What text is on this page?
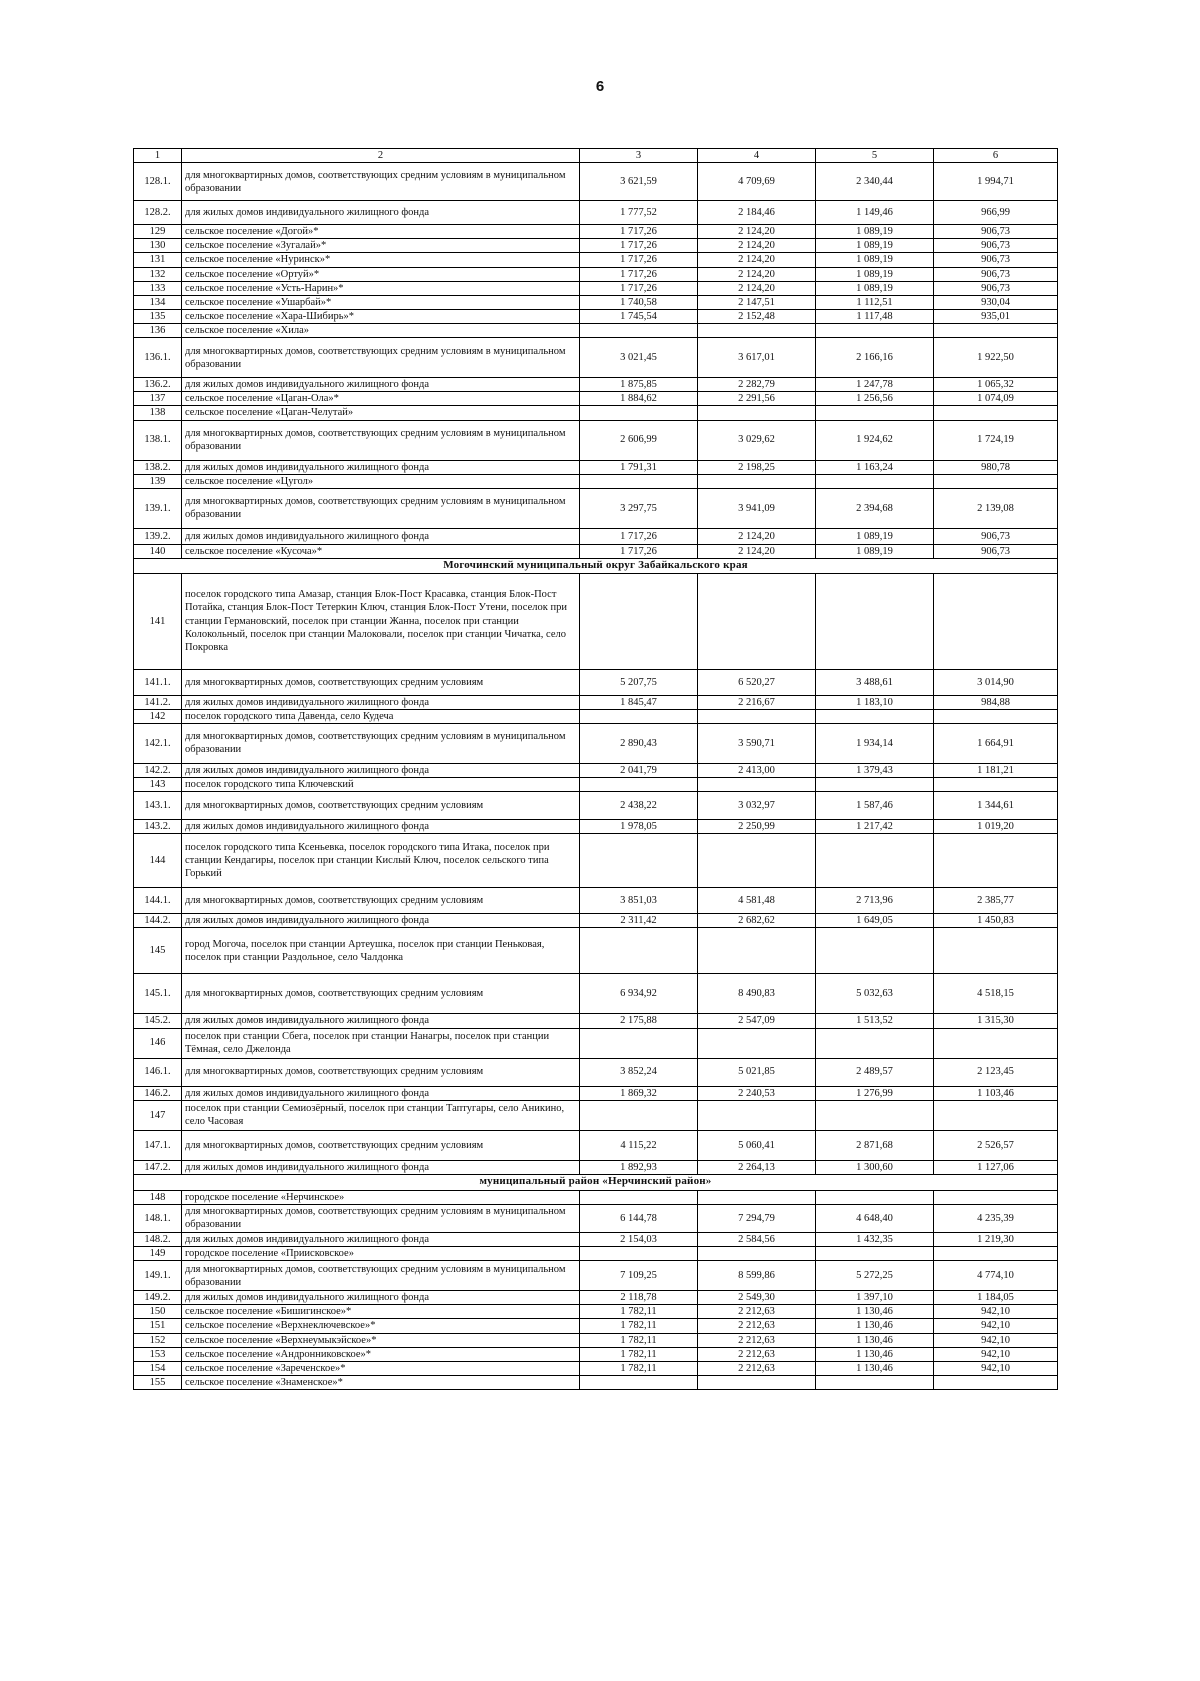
6
1	2	3	4	5	6
128.1.	для многоквартирных домов, соответствующих средним условиям в муниципальном образовании	3 621,59	4 709,69	2 340,44	1 994,71
128.2.	для жилых домов индивидуального жилищного фонда	1 777,52	2 184,46	1 149,46	966,99
129	сельское поселение «Догой»*	1 717,26	2 124,20	1 089,19	906,73
130	сельское поселение «Зугалай»*	1 717,26	2 124,20	1 089,19	906,73
131	сельское поселение «Нуринск»*	1 717,26	2 124,20	1 089,19	906,73
132	сельское поселение «Ортуй»*	1 717,26	2 124,20	1 089,19	906,73
133	сельское поселение «Усть-Нарин»*	1 717,26	2 124,20	1 089,19	906,73
134	сельское поселение «Ушарбай»*	1 740,58	2 147,51	1 112,51	930,04
135	сельское поселение «Хара-Шибирь»*	1 745,54	2 152,48	1 117,48	935,01
136	сельское поселение «Хила»				
136.1.	для многоквартирных домов, соответствующих средним условиям в муниципальном образовании	3 021,45	3 617,01	2 166,16	1 922,50
136.2.	для жилых домов индивидуального жилищного фонда	1 875,85	2 282,79	1 247,78	1 065,32
137	сельское поселение «Цаган-Ола»*	1 884,62	2 291,56	1 256,56	1 074,09
138	сельское поселение «Цаган-Челутай»				
138.1.	для многоквартирных домов, соответствующих средним условиям в муниципальном образовании	2 606,99	3 029,62	1 924,62	1 724,19
138.2.	для жилых домов индивидуального жилищного фонда	1 791,31	2 198,25	1 163,24	980,78
139	сельское поселение «Цугол»				
139.1.	для многоквартирных домов, соответствующих средним условиям в муниципальном образовании	3 297,75	3 941,09	2 394,68	2 139,08
139.2.	для жилых домов индивидуального жилищного фонда	1 717,26	2 124,20	1 089,19	906,73
140	сельское поселение «Кусоча»*	1 717,26	2 124,20	1 089,19	906,73
Могочинский муниципальный округ Забайкальского края					
141	поселок городского типа Амазар, станция Блок-Пост Красавка, станция Блок-Пост Потайка, станция Блок-Пост Тетеркин Ключ, станция Блок-Пост Утени, поселок при станции Германовский, поселок при станции Жанна, поселок при станции Колокольный, поселок при станции Малоковали, поселок при станции Чичатка, село Покровка				
141.1.	для многоквартирных домов, соответствующих средним условиям	5 207,75	6 520,27	3 488,61	3 014,90
141.2.	для жилых домов индивидуального жилищного фонда	1 845,47	2 216,67	1 183,10	984,88
142	поселок городского типа Давенда, село Кудеча				
142.1.	для многоквартирных домов, соответствующих средним условиям в муниципальном образовании	2 890,43	3 590,71	1 934,14	1 664,91
142.2.	для жилых домов индивидуального жилищного фонда	2 041,79	2 413,00	1 379,43	1 181,21
143	поселок городского типа Ключевский				
143.1.	для многоквартирных домов, соответствующих средним условиям	2 438,22	3 032,97	1 587,46	1 344,61
143.2.	для жилых домов индивидуального жилищного фонда	1 978,05	2 250,99	1 217,42	1 019,20
144	поселок городского типа Ксеньевка, поселок городского типа Итака, поселок при станции Кендагиры, поселок при станции Кислый Ключ, поселок сельского типа Горький				
144.1.	для многоквартирных домов, соответствующих средним условиям	3 851,03	4 581,48	2 713,96	2 385,77
144.2.	для жилых домов индивидуального жилищного фонда	2 311,42	2 682,62	1 649,05	1 450,83
145	город Могоча, поселок при станции Артеушка, поселок при станции Пеньковая, поселок при станции Раздольное, село Чалдонка				
145.1.	для многоквартирных домов, соответствующих средним условиям	6 934,92	8 490,83	5 032,63	4 518,15
145.2.	для жилых домов индивидуального жилищного фонда	2 175,88	2 547,09	1 513,52	1 315,30
146	поселок при станции Сбега, поселок при станции Нанагры, поселок при станции Тёмная, село Джелонда				
146.1.	для многоквартирных домов, соответствующих средним условиям	3 852,24	5 021,85	2 489,57	2 123,45
146.2.	для жилых домов индивидуального жилищного фонда	1 869,32	2 240,53	1 276,99	1 103,46
147	поселок при станции Семиозёрный, поселок при станции Таптугары, село Аникино, село Часовая				
147.1.	для многоквартирных домов, соответствующих средним условиям	4 115,22	5 060,41	2 871,68	2 526,57
147.2.	для жилых домов индивидуального жилищного фонда	1 892,93	2 264,13	1 300,60	1 127,06
муниципальный район «Нерчинский район»					
148	городское поселение «Нерчинское»				
148.1.	для многоквартирных домов, соответствующих средним условиям в муниципальном образовании	6 144,78	7 294,79	4 648,40	4 235,39
148.2.	для жилых домов индивидуального жилищного фонда	2 154,03	2 584,56	1 432,35	1 219,30
149	городское поселение «Приисковское»				
149.1.	для многоквартирных домов, соответствующих средним условиям в муниципальном образовании	7 109,25	8 599,86	5 272,25	4 774,10
149.2.	для жилых домов индивидуального жилищного фонда	2 118,78	2 549,30	1 397,10	1 184,05
150	сельское поселение «Бишигинское»*	1 782,11	2 212,63	1 130,46	942,10
151	сельское поселение «Верхнеключевское»*	1 782,11	2 212,63	1 130,46	942,10
152	сельское поселение «Верхнеумыкэйское»*	1 782,11	2 212,63	1 130,46	942,10
153	сельское поселение «Андронниковское»*	1 782,11	2 212,63	1 130,46	942,10
154	сельское поселение «Зареченское»*	1 782,11	2 212,63	1 130,46	942,10
155	сельское поселение «Знаменское»*				
